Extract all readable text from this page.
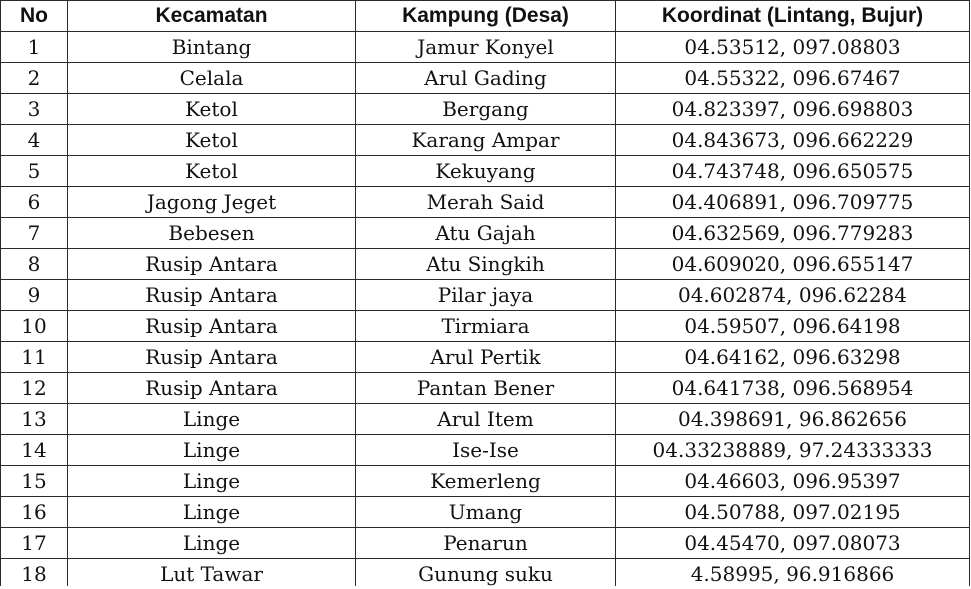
No	Kecamatan	Kampung (Desa)	Koordinat (Lintang, Bujur)
1	Bintang	Jamur Konyel	04.53512, 097.08803
2	Celala	Arul Gading	04.55322, 096.67467
3	Ketol	Bergang	04.823397, 096.698803
4	Ketol	Karang Ampar	04.843673, 096.662229
5	Ketol	Kekuyang	04.743748, 096.650575
6	Jagong Jeget	Merah Said	04.406891, 096.709775
7	Bebesen	Atu Gajah	04.632569, 096.779283
8	Rusip Antara	Atu Singkih	04.609020, 096.655147
9	Rusip Antara	Pilar jaya	04.602874, 096.62284
10	Rusip Antara	Tirmiara	04.59507, 096.64198
11	Rusip Antara	Arul Pertik	04.64162, 096.63298
12	Rusip Antara	Pantan Bener	04.641738, 096.568954
13	Linge	Arul Item	04.398691, 96.862656
14	Linge	Ise-Ise	04.33238889, 97.24333333
15	Linge	Kemerleng	04.46603, 096.95397
16	Linge	Umang	04.50788, 097.02195
17	Linge	Penarun	04.45470, 097.08073
18	Lut Tawar	Gunung suku	4.58995, 96.916866
